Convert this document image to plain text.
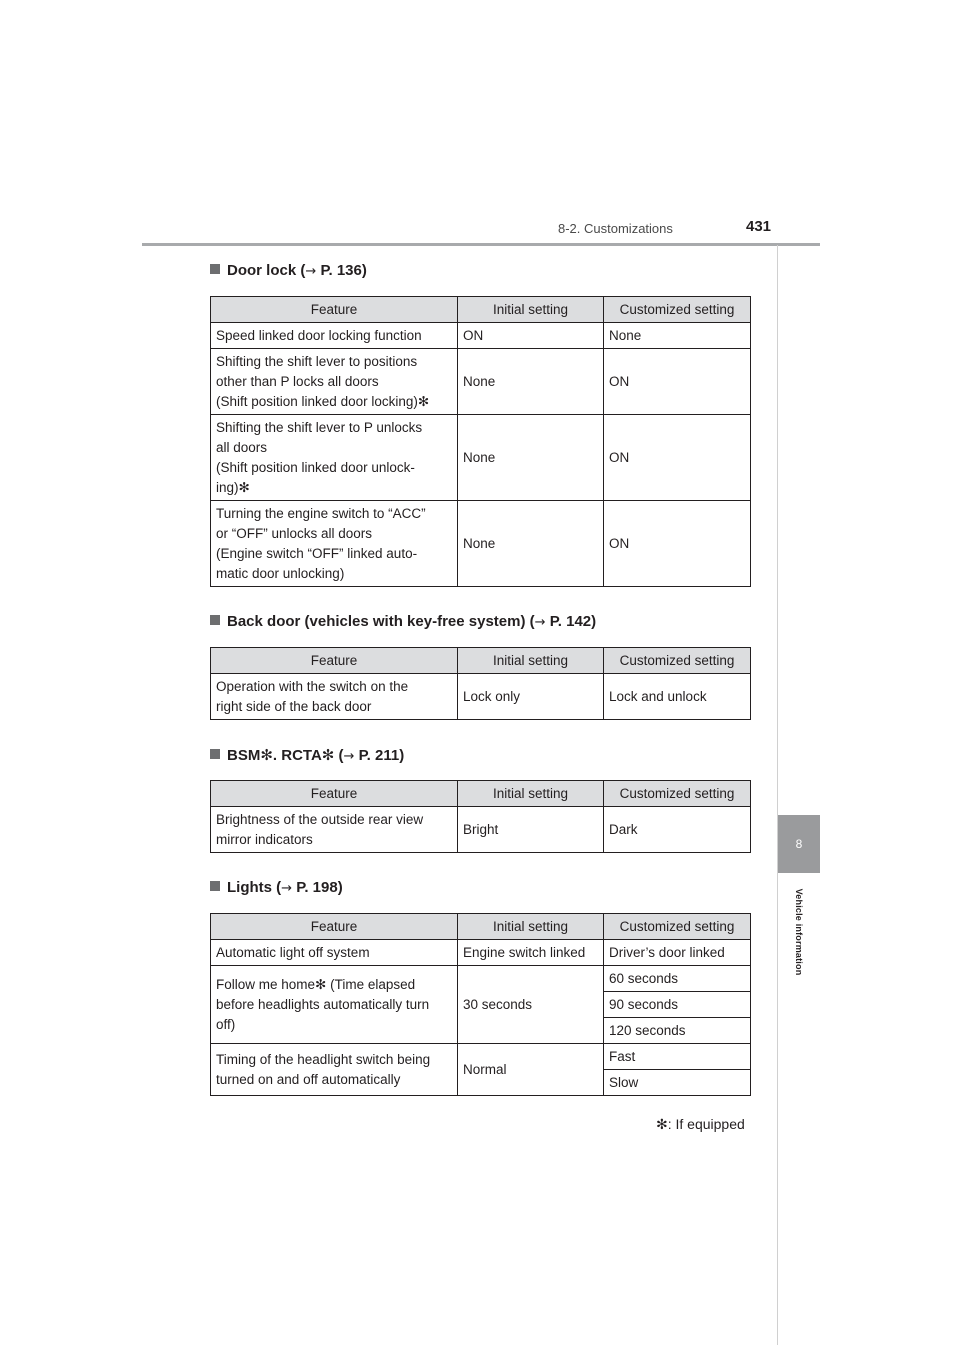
8-2. Customizations	431
8
Vehicle information
Door lock (→ P. 136)
Feature	Initial setting	Customized setting

Speed linked door locking function	ON	None

Shifting the shift lever to positions
other than P locks all doors
(Shift position linked door locking)✻	None	ON

Shifting the shift lever to P unlocks
all doors
(Shift position linked door unlock-
ing)✻	None	ON

Turning the engine switch to “ACC”
or “OFF” unlocks all doors
(Engine switch “OFF” linked auto-
matic door unlocking)	None	ON
Back door (vehicles with key-free system) (→ P. 142)
Feature	Initial setting	Customized setting

Operation with the switch on the
right side of the back door	Lock only	Lock and unlock
BSM✻. RCTA✻ (→ P. 211)
Feature	Initial setting	Customized setting

Brightness of the outside rear view
mirror indicators	Bright	Dark
Lights (→ P. 198)
Feature	Initial setting	Customized setting

Automatic light off system	Engine switch linked	Driver’s door linked

Follow me home✻ (Time elapsed
before headlights automatically turn
off)	30 seconds	60 seconds
		90 seconds
		120 seconds

Timing of the headlight switch being
turned on and off automatically	Normal	Fast
		Slow
✻: If equipped
